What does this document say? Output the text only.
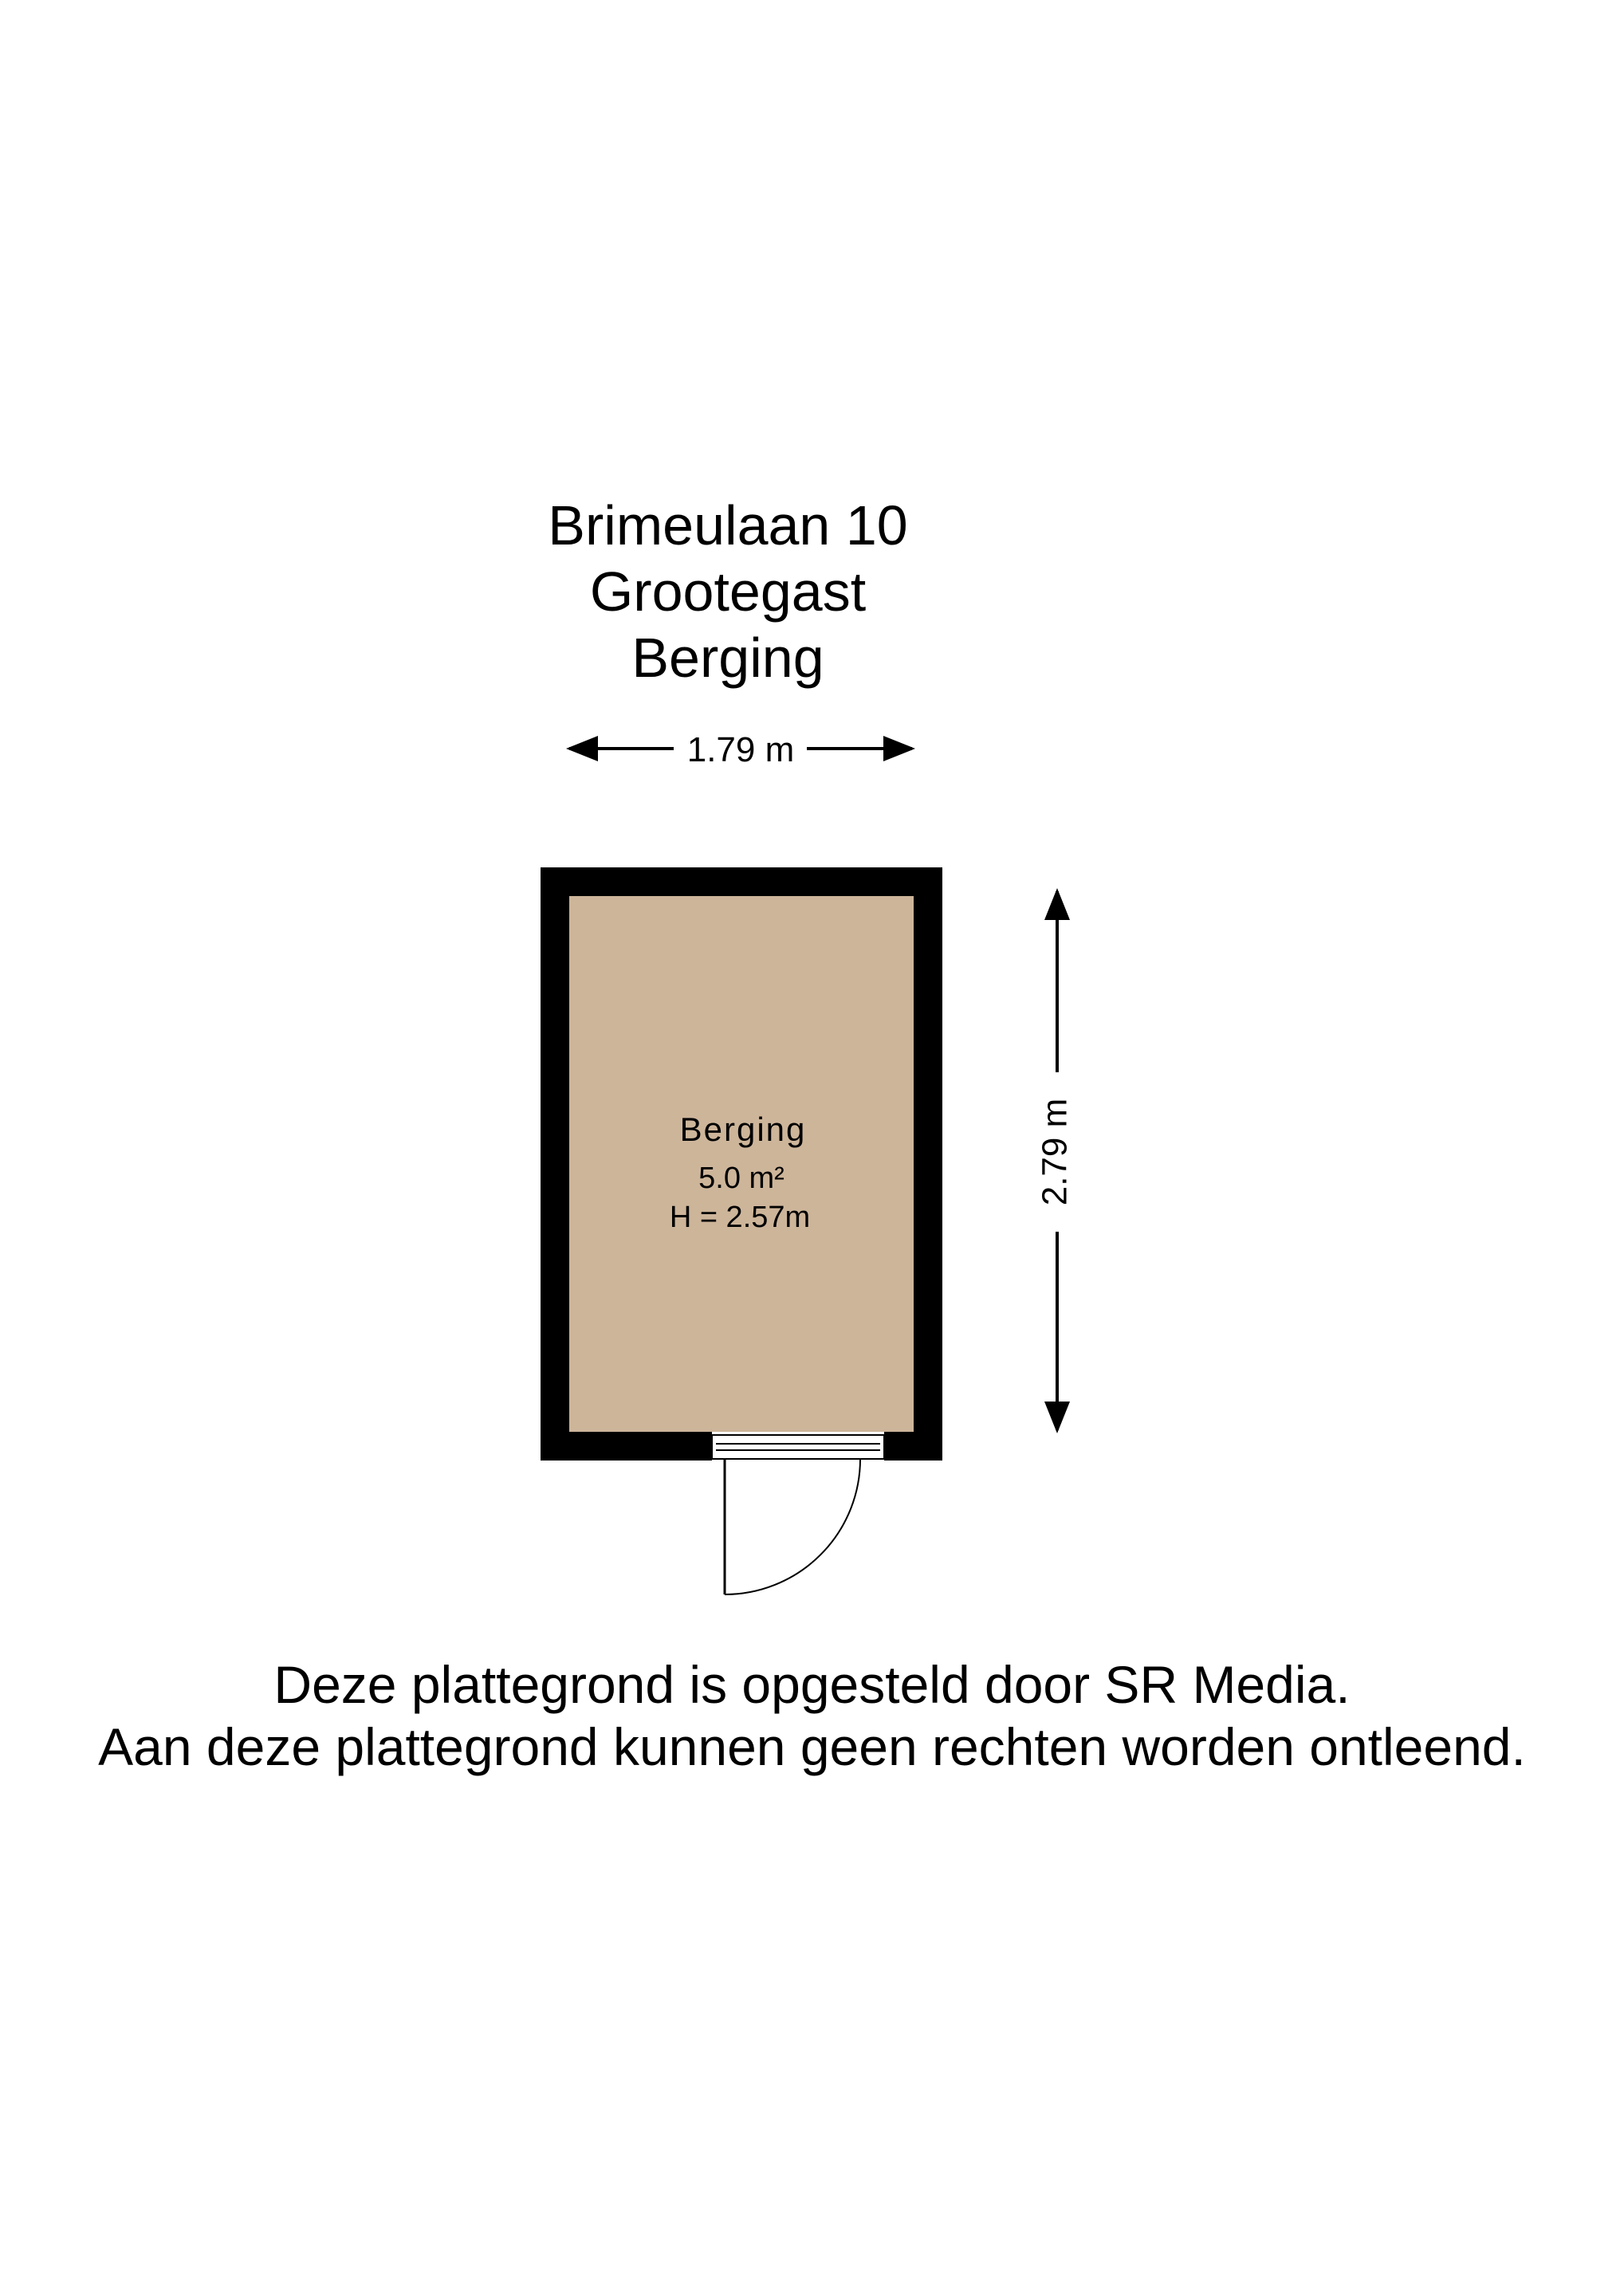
Brimeulaan 10
Grootegast
Berging
1.79 m
2.79 m
Berging
5.0 m²
H = 2.57m
Deze plattegrond is opgesteld door SR Media.
Aan deze plattegrond kunnen geen rechten worden ontleend.
